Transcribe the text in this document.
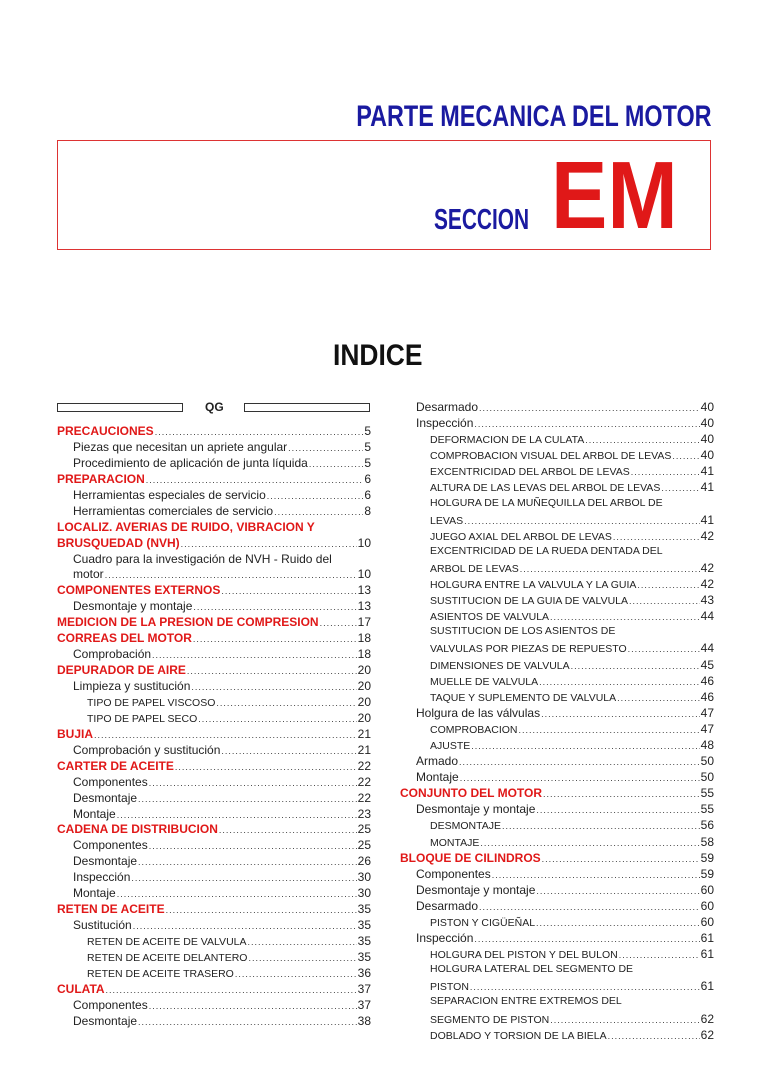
PARTE MECANICA DEL MOTOR
SECCION EM
INDICE
QG
PRECAUCIONES .....	5
Piezas que necesitan un apriete angular .....	5
Procedimiento de aplicación de junta líquida .....	5
PREPARACION .....	6
Herramientas especiales de servicio .....	6
Herramientas comerciales de servicio .....	8
LOCALIZ. AVERIAS DE RUIDO, VIBRACION Y
BRUSQUEDAD (NVH) .....	10
Cuadro para la investigación de NVH - Ruido del
motor .....	10
COMPONENTES EXTERNOS .....	13
Desmontaje y montaje .....	13
MEDICION DE LA PRESION DE COMPRESION .....	17
CORREAS DEL MOTOR .....	18
Comprobación .....	18
DEPURADOR DE AIRE .....	20
Limpieza y sustitución .....	20
TIPO DE PAPEL VISCOSO .....	20
TIPO DE PAPEL SECO .....	20
BUJIA .....	21
Comprobación y sustitución .....	21
CARTER DE ACEITE .....	22
Componentes .....	22
Desmontaje .....	22
Montaje .....	23
CADENA DE DISTRIBUCION .....	25
Componentes .....	25
Desmontaje .....	26
Inspección .....	30
Montaje .....	30
RETEN DE ACEITE .....	35
Sustitución .....	35
RETEN DE ACEITE DE VALVULA .....	35
RETEN DE ACEITE DELANTERO .....	35
RETEN DE ACEITE TRASERO .....	36
CULATA .....	37
Componentes .....	37
Desmontaje .....	38
Desarmado .....	40
Inspección .....	40
DEFORMACION DE LA CULATA .....	40
COMPROBACION VISUAL DEL ARBOL DE LEVAS ..... 40
EXCENTRICIDAD DEL ARBOL DE LEVAS .....	41
ALTURA DE LAS LEVAS DEL ARBOL DE LEVAS .....	41
HOLGURA DE LA MUÑEQUILLA DEL ARBOL DE
LEVAS .....	41
JUEGO AXIAL DEL ARBOL DE LEVAS .....	42
EXCENTRICIDAD DE LA RUEDA DENTADA DEL
ARBOL DE LEVAS .....	42
HOLGURA ENTRE LA VALVULA Y LA GUIA .....	42
SUSTITUCION DE LA GUIA DE VALVULA .....	43
ASIENTOS DE VALVULA .....	44
SUSTITUCION DE LOS ASIENTOS DE
VALVULAS POR PIEZAS DE REPUESTO .....	44
DIMENSIONES DE VALVULA .....	45
MUELLE DE VALVULA .....	46
TAQUE Y SUPLEMENTO DE VALVULA .....	46
Holgura de las válvulas .....	47
COMPROBACION .....	47
AJUSTE .....	48
Armado .....	50
Montaje .....	50
CONJUNTO DEL MOTOR .....	55
Desmontaje y montaje .....	55
DESMONTAJE .....	56
MONTAJE .....	58
BLOQUE DE CILINDROS .....	59
Componentes .....	59
Desmontaje y montaje .....	60
Desarmado .....	60
PISTON Y CIGÜEÑAL .....	60
Inspección .....	61
HOLGURA DEL PISTON Y DEL BULON .....	61
HOLGURA LATERAL DEL SEGMENTO DE
PISTON .....	61
SEPARACION ENTRE EXTREMOS DEL
SEGMENTO DE PISTON .....	62
DOBLADO Y TORSION DE LA BIELA .....	62
